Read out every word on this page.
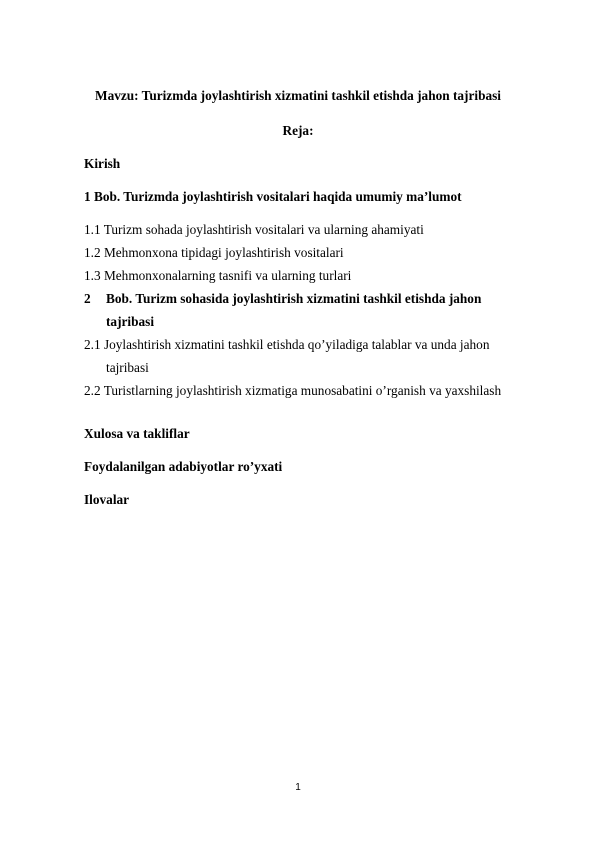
Mavzu: Turizmda joylashtirish xizmatini tashkil etishda jahon tajribasi
Reja:
Kirish
1 Bob. Turizmda joylashtirish vositalari haqida umumiy ma’lumot
1.1 Turizm sohada joylashtirish vositalari va ularning ahamiyati
1.2 Mehmonxona tipidagi joylashtirish vositalari
1.3 Mehmonxonalarning tasnifi va ularning turlari
2 Bob. Turizm sohasida joylashtirish xizmatini tashkil etishda jahon
tajribasi
2.1 Joylashtirish xizmatini tashkil etishda qo’yiladiga talablar va unda jahon
tajribasi
2.2 Turistlarning joylashtirish xizmatiga munosabatini o’rganish va yaxshilash
Xulosa va takliflar
Foydalanilgan adabiyotlar ro’yxati
Ilovalar
1
